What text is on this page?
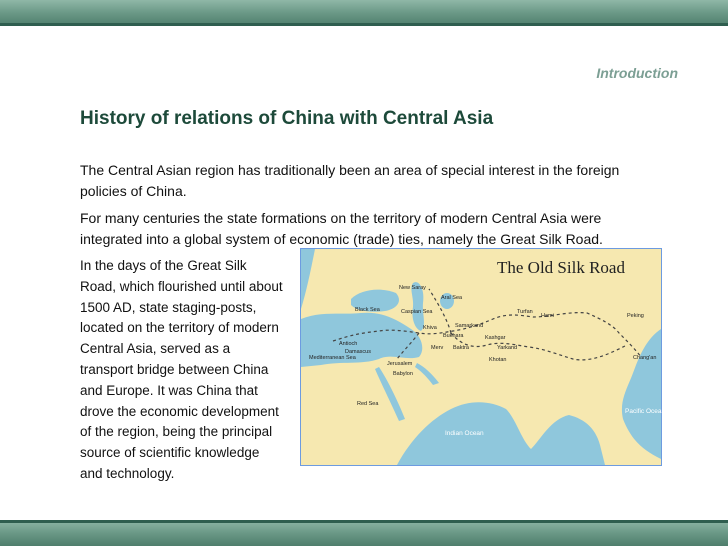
Introduction
History of relations of China with Central Asia

The Central Asian region has traditionally been an area of special interest in the foreign policies of China.

For many centuries the state formations on the territory of modern Central Asia were integrated into a global system of economic (trade) ties, namely the Great Silk Road.

In the days of the Great Silk Road, which flourished until about 1500 AD, state staging-posts, located on the territory of modern Central Asia, served as a transport bridge between China and Europe. It was China that drove the economic development of the region, being the principal source of scientific knowledge and technology.

The Old Silk Road
New Saray
Black Sea	Caspian Sea
Aral Sea
Turfan
Hami	Peking
Samarkand
Kashgar
Khiva
Bukhara
Antioch
Damascus
Mediterranean Sea
Merv Baktra	Yarkand
Chang'an
Khotan
Jerusalem
Babylon
Red Sea
Indian Ocean
Pacific Ocean
